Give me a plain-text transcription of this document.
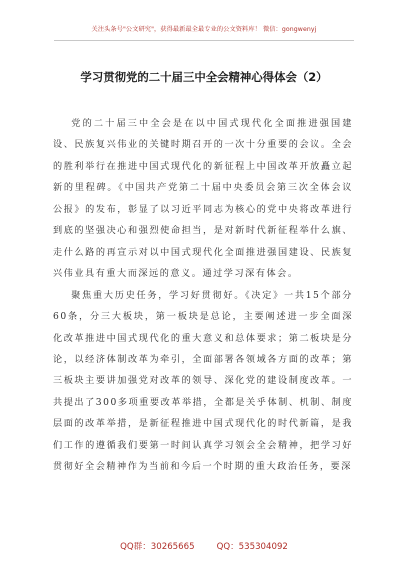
关注头条号"公文研究"，获得最新最全最专业的公文资料库！ 微信：gongwenyj
学习贯彻党的二十届三中全会精神心得体会（2）

党的二十届三中全会是在以中国式现代化全面推进强国建设、民族复兴伟业的关键时期召开的一次十分重要的会议。全会的胜利举行在推进中国式现代化的新征程上中国改革开放矗立起新的里程碑。《中国共产党第二十届中央委员会第三次全体会议公报》的发布，彰显了以习近平同志为核心的党中央将改革进行到底的坚强决心和强烈使命担当，是对新时代新征程举什么旗、走什么路的再宣示对以中国式现代化全面推进强国建设、民族复兴伟业具有重大而深远的意义。通过学习深有体会。

聚焦重大历史任务，学习好贯彻好。《决定》一共15个部分60条，分三大板块，第一板块是总论，主要阐述进一步全面深化改革推进中国式现代化的重大意义和总体要求；第二板块是分论，以经济体制改革为牵引，全面部署各领域各方面的改革；第三板块主要讲加强党对改革的领导、深化党的建设制度改革。一共提出了300多项重要改革举措，全都是关乎体制、机制、制度层面的改革举措，是新征程推进中国式现代化的时代新篇，是我们工作的遵循我们要第一时间认真学习领会全会精神，把学习好贯彻好全会精神作为当前和今后一个时期的重大政治任务，要深

QQ群：30265665	QQ：535304092
